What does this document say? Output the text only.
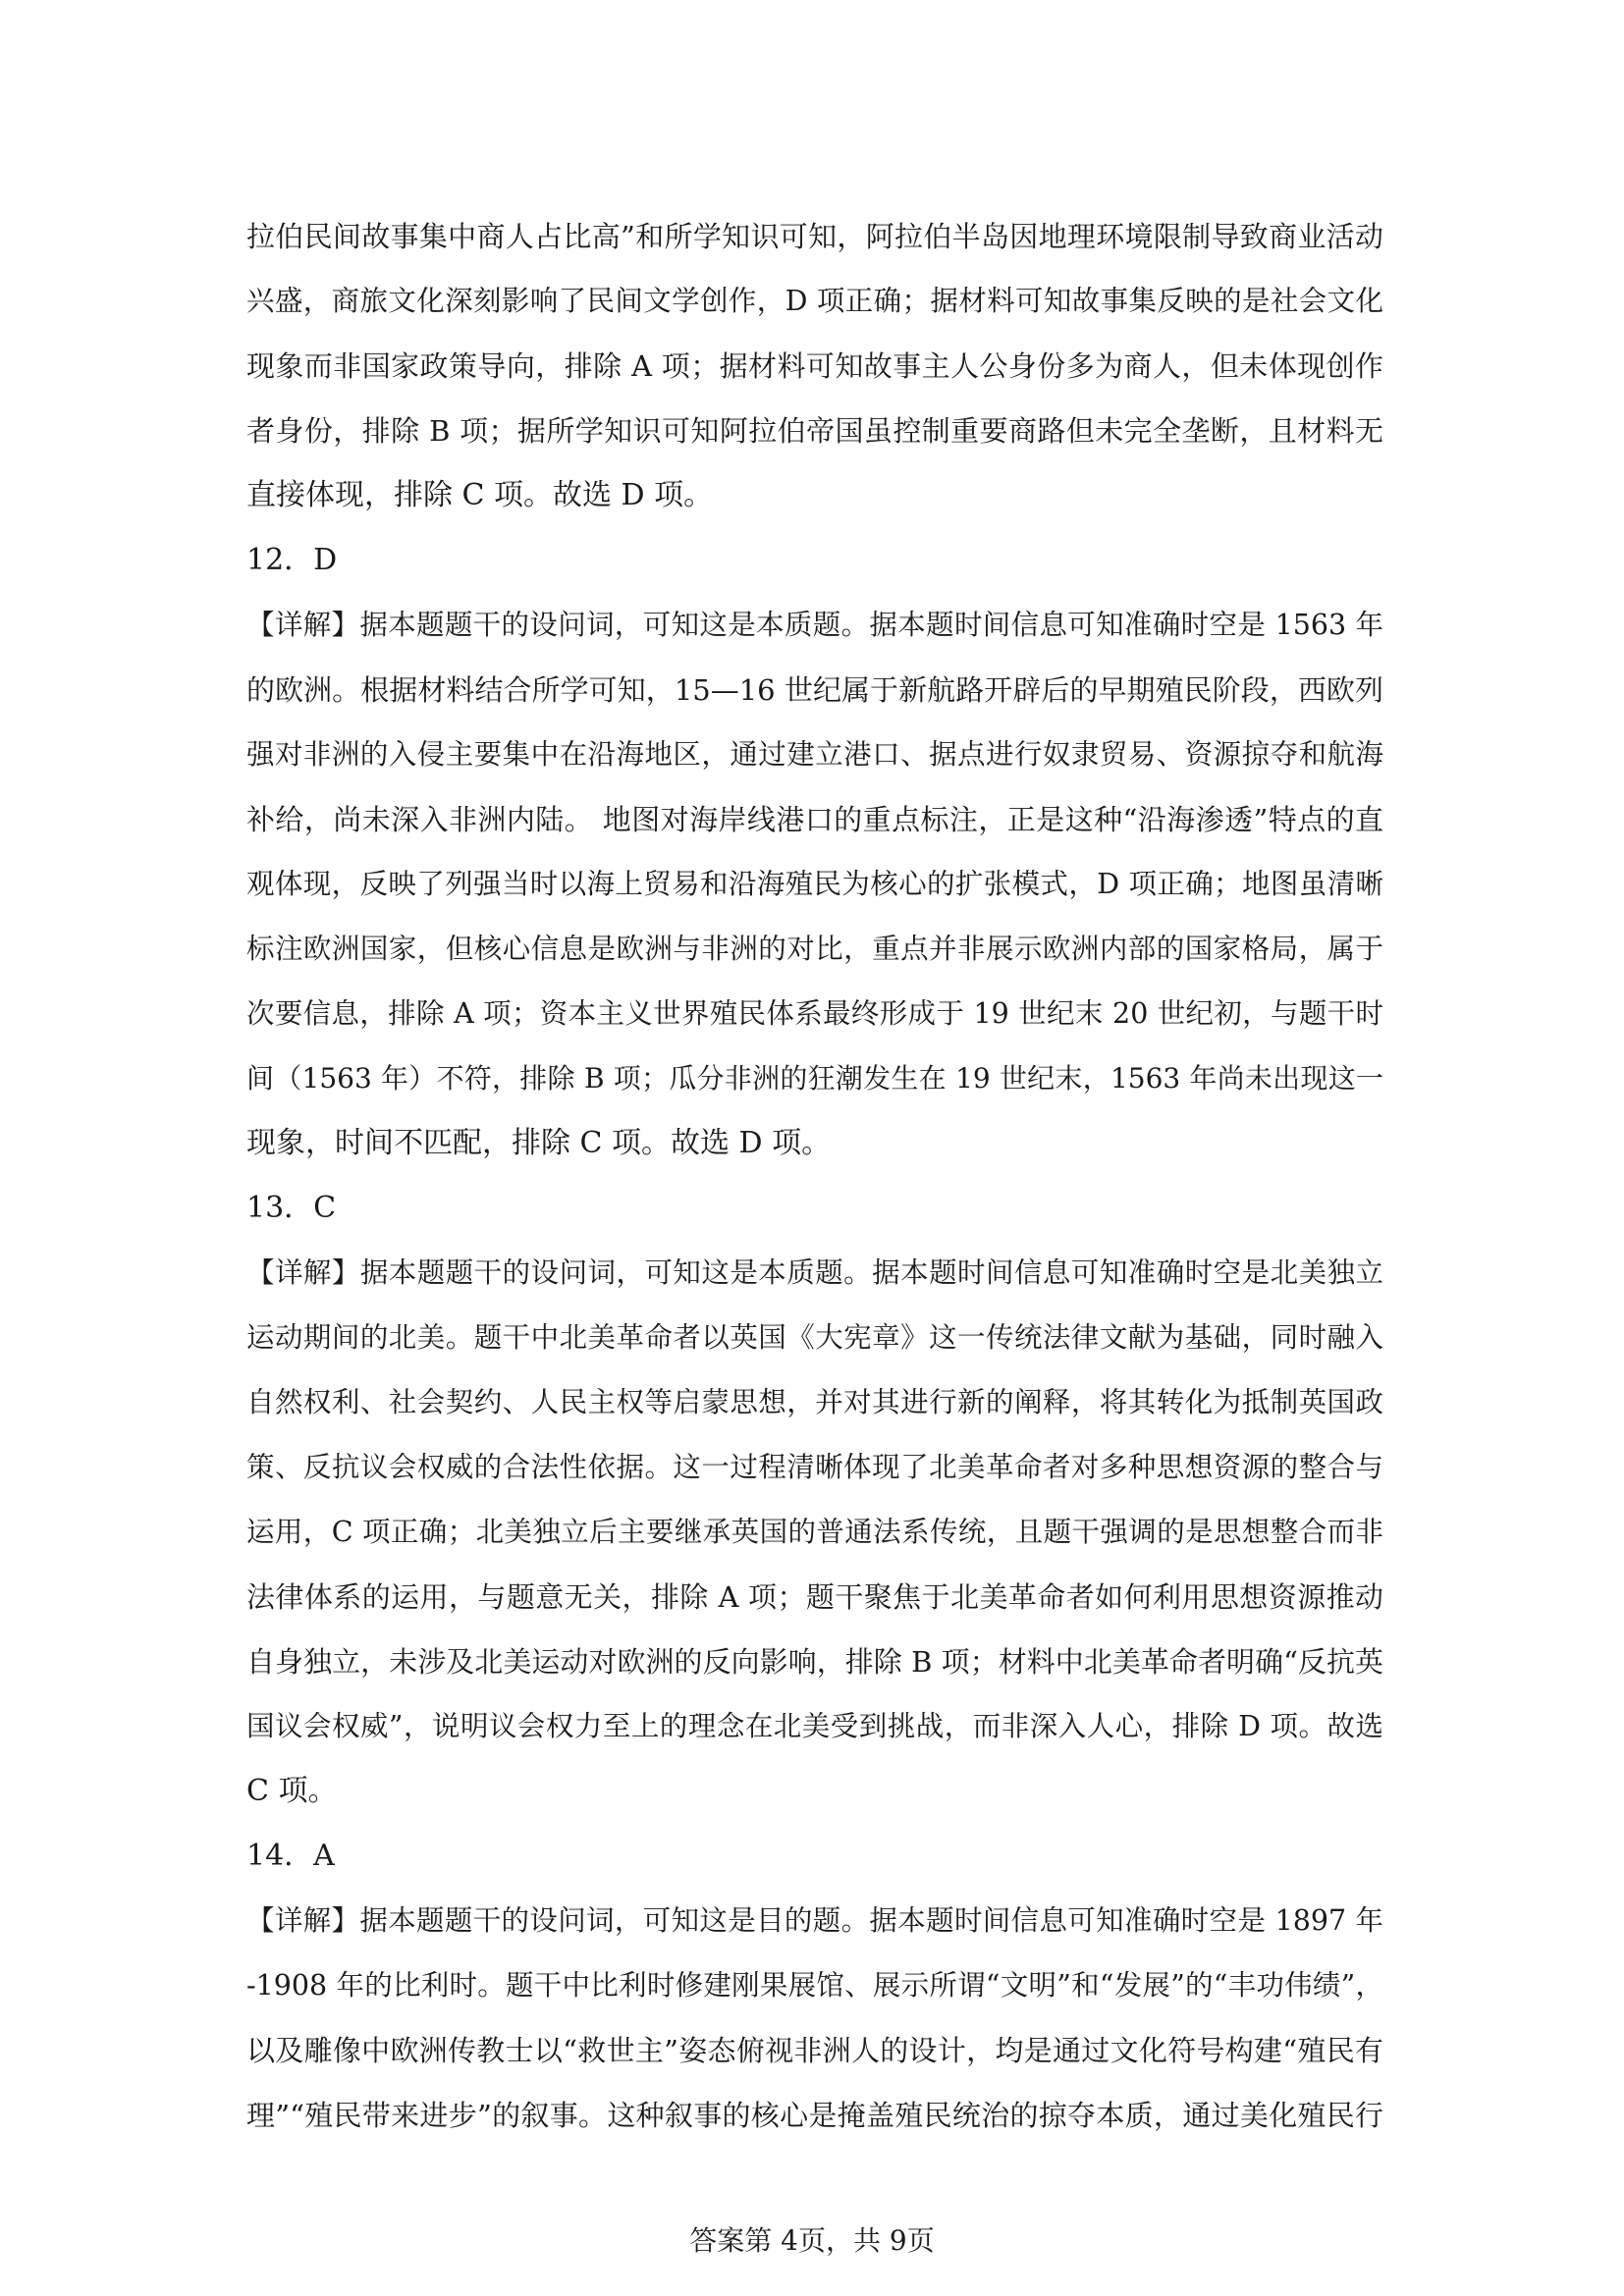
拉伯民间故事集中商人占比高”和所学知识可知，阿拉伯半岛因地理环境限制导致商业活动
兴盛，商旅文化深刻影响了民间文学创作，D 项正确；据材料可知故事集反映的是社会文化
现象而非国家政策导向，排除 A 项；据材料可知故事主人公身份多为商人，但未体现创作
者身份，排除 B 项；据所学知识可知阿拉伯帝国虽控制重要商路但未完全垄断，且材料无
直接体现，排除 C 项。故选 D 项。
12．D
【详解】据本题题干的设问词，可知这是本质题。据本题时间信息可知准确时空是 1563 年
的欧洲。根据材料结合所学可知，15—16 世纪属于新航路开辟后的早期殖民阶段，西欧列
强对非洲的入侵主要集中在沿海地区，通过建立港口、据点进行奴隶贸易、资源掠夺和航海
补给，尚未深入非洲内陆。 地图对海岸线港口的重点标注，正是这种“沿海渗透”特点的直
观体现，反映了列强当时以海上贸易和沿海殖民为核心的扩张模式，D 项正确；地图虽清晰
标注欧洲国家，但核心信息是欧洲与非洲的对比，重点并非展示欧洲内部的国家格局，属于
次要信息，排除 A 项；资本主义世界殖民体系最终形成于 19 世纪末 20 世纪初，与题干时
间（1563 年）不符，排除 B 项；瓜分非洲的狂潮发生在 19 世纪末，1563 年尚未出现这一
现象，时间不匹配，排除 C 项。故选 D 项。
13．C
【详解】据本题题干的设问词，可知这是本质题。据本题时间信息可知准确时空是北美独立
运动期间的北美。题干中北美革命者以英国《大宪章》这一传统法律文献为基础，同时融入
自然权利、社会契约、人民主权等启蒙思想，并对其进行新的阐释，将其转化为抵制英国政
策、反抗议会权威的合法性依据。这一过程清晰体现了北美革命者对多种思想资源的整合与
运用，C 项正确；北美独立后主要继承英国的普通法系传统，且题干强调的是思想整合而非
法律体系的运用，与题意无关，排除 A 项；题干聚焦于北美革命者如何利用思想资源推动
自身独立，未涉及北美运动对欧洲的反向影响，排除 B 项；材料中北美革命者明确“反抗英
国议会权威”，说明议会权力至上的理念在北美受到挑战，而非深入人心，排除 D 项。故选
C 项。
14．A
【详解】据本题题干的设问词，可知这是目的题。据本题时间信息可知准确时空是 1897 年
-1908 年的比利时。题干中比利时修建刚果展馆、展示所谓“文明”和“发展”的“丰功伟绩”，
以及雕像中欧洲传教士以“救世主”姿态俯视非洲人的设计，均是通过文化符号构建“殖民有
理”“殖民带来进步”的叙事。这种叙事的核心是掩盖殖民统治的掠夺本质，通过美化殖民行
答案第 4页，共 9页
